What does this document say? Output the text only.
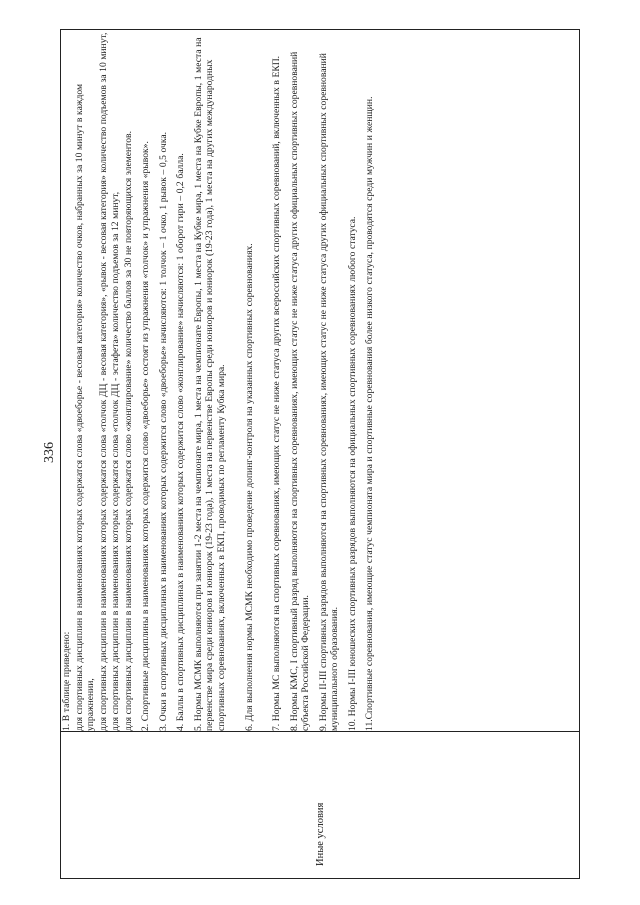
336
Иные условия

1. В таблице приведено: для спортивных дисциплин в наименованиях которых содержатся слова «двоеборье - весовая категория» количество очков, набранных за 10 минут в каждом упражнении, для спортивных дисциплин в наименованиях которых содержатся слова «толчок ДЦ - весовая категория», «рывок - весовая категория» количество подъемов за 10 минут, для спортивных дисциплин в наименованиях которых содержатся слова «толчок ДЦ - эстафета» количество подъемов за 12 минут, для спортивных дисциплин в наименованиях которых содержатся слово «жонглирование» количество баллов за 30 не повторяющихся элементов. 2. Спортивные дисциплины в наименованиях которых содержится слово «двоеборье» состоят из упражнения «толчок» и упражнения «рывок». 3. Очки в спортивных дисциплинах в наименованиях которых содержится слово «двоеборье» начисляются: 1 толчок – 1 очко, 1 рывок – 0,5 очка. 4. Баллы в спортивных дисциплинах в наименованиях которых содержится слово «жонглирование» начисляются: 1 оборот гири – 0,2 балла. 5. Нормы МСМК выполняются при занятии 1-2 места на чемпионате мира, 1 места на чемпионате Европы, 1 места на Кубке мира, 1 места на Кубке Европы, 1 места на первенстве мира среди юниоров и юниорок (19-23 года), 1 места на первенстве Европы среди юниоров и юниорок (19-23 года), 1 места на других международных спортивных соревнованиях, включенных в ЕКП, проводимых по регламенту Кубка мира. 6. Для выполнения нормы МСМК необходимо проведение допинг-контроля на указанных спортивных соревнованиях. 7. Нормы МС выполняются на спортивных соревнованиях, имеющих статус не ниже статуса других всероссийских спортивных соревнований, включенных в ЕКП. 8. Нормы КМС, I спортивный разряд выполняются на спортивных соревнованиях, имеющих статус не ниже статуса других официальных спортивных соревнований субъекта Российской Федерации. 9. Нормы II-III спортивных разрядов выполняются на спортивных соревнованиях, имеющих статус не ниже статуса других официальных спортивных соревнований муниципального образования. 10. Нормы I-III юношеских спортивных разрядов выполняются на официальных спортивных соревнованиях любого статуса. 11.Спортивные соревнования, имеющие статус чемпионата мира и спортивные соревнования более низкого статуса, проводятся среди мужчин и женщин.
